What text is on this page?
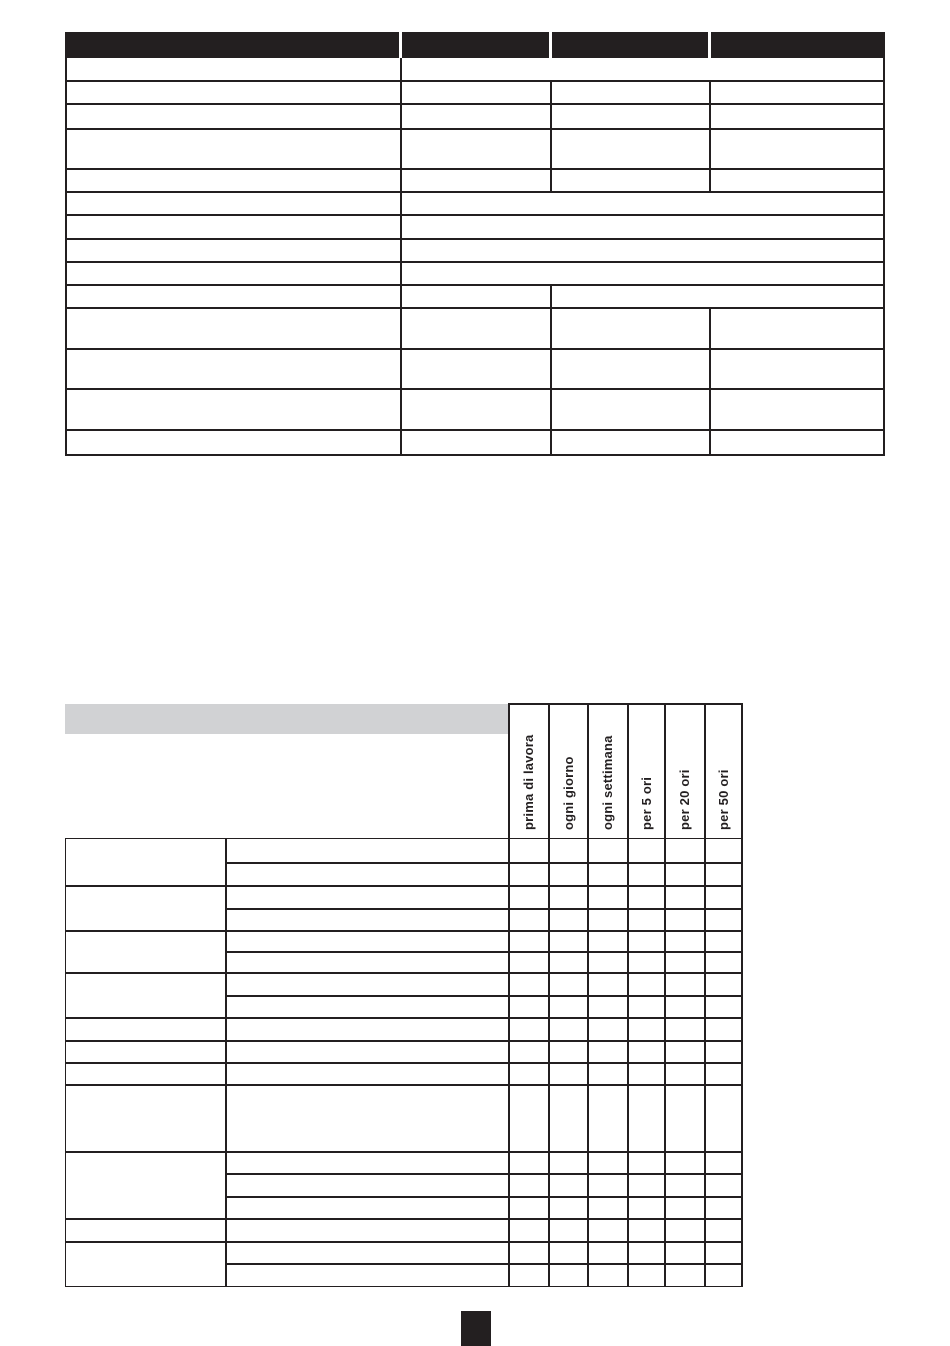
prima di lavora ogni giorno ogni settimana per 5 ori per 20 ori per 50 ori
